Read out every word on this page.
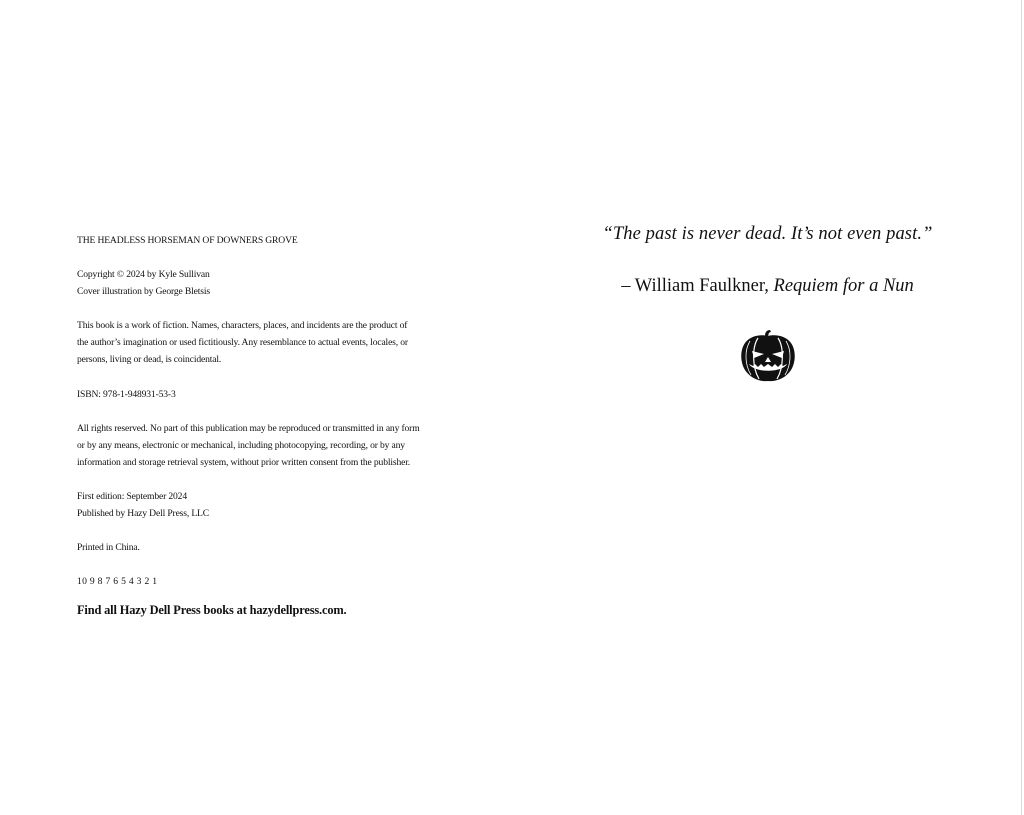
THE HEADLESS HORSEMAN OF DOWNERS GROVE

Copyright © 2024 by Kyle Sullivan

Cover illustration by George Bletsis

This book is a work of fiction. Names, characters, places, and incidents are the product of

the author’s imagination or used fictitiously. Any resemblance to actual events, locales, or

persons, living or dead, is coincidental.

ISBN: 978-1-948931-53-3

All rights reserved. No part of this publication may be reproduced or transmitted in any form

or by any means, electronic or mechanical, including photocopying, recording, or by any

information and storage retrieval system, without prior written consent from the publisher.

First edition: September 2024

Published by Hazy Dell Press, LLC

Printed in China.

10 9 8 7 6 5 4 3 2 1

Find all Hazy Dell Press books at hazydellpress.com.

“The past is never dead. It’s not even past.”

– William Faulkner, Requiem for a Nun
